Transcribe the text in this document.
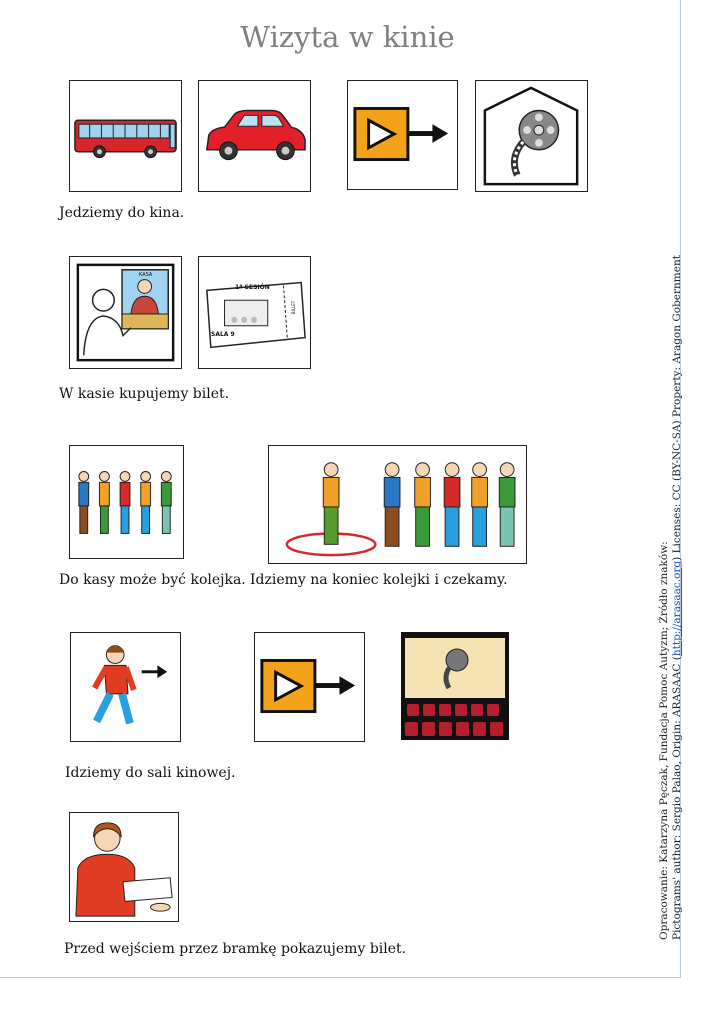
Wizyta w kinie
Jedziemy do kina.
KASA
1ª SESIÓN
SALA 9
BILLET
W kasie kupujemy bilet.
Do kasy może być kolejka. Idziemy na koniec kolejki i czekamy.
Idziemy do sali kinowej.
Przed wejściem przez bramkę pokazujemy bilet.
Opracowanie: Katarzyna Pęczak, Fundacja Pomoc Autyzm; Źródło znaków: Pictograms' author: Sergio Palao, Origin: ARASAAC (http://arasaac.org) Licenses: CC (BY-NC-SA) Property: Aragon Gobernment
